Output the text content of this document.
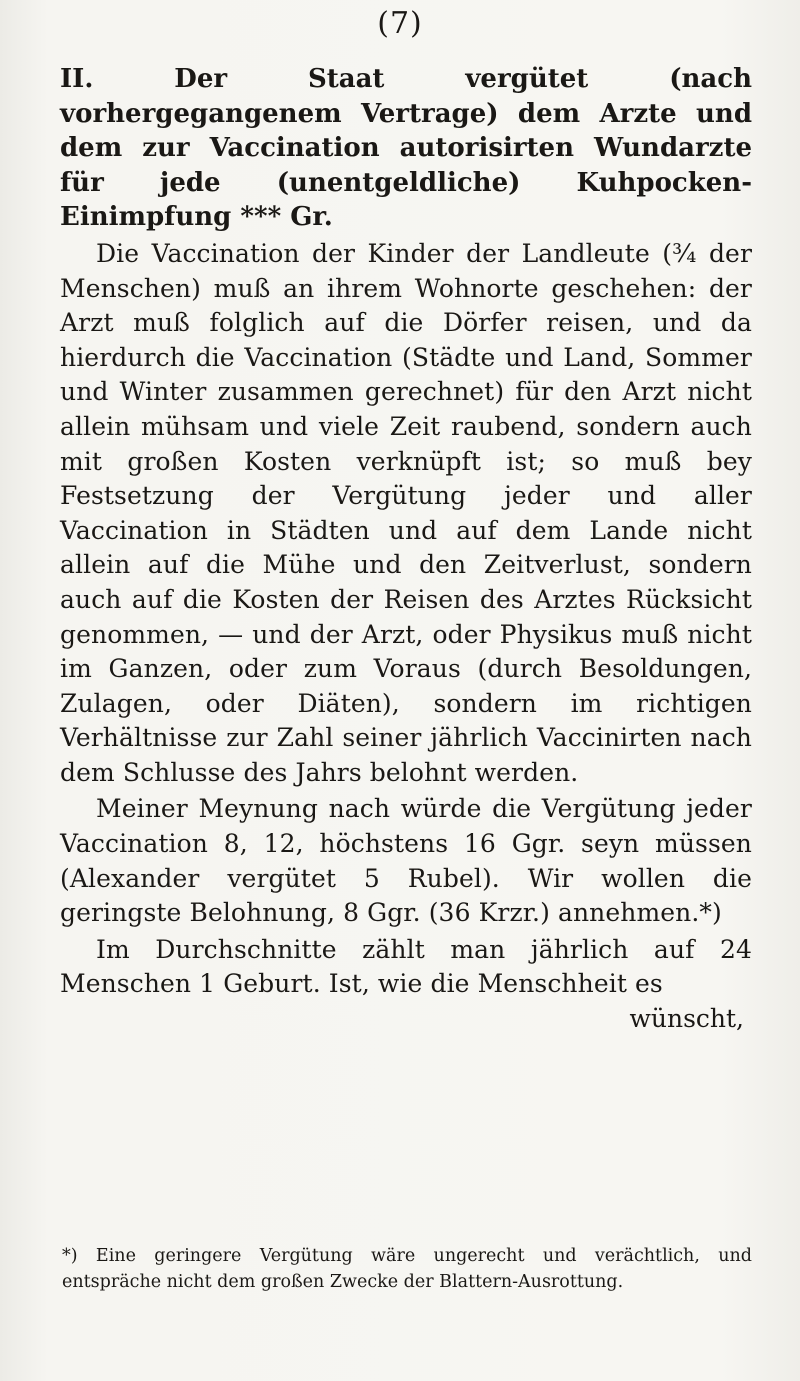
(7)

II. Der Staat vergütet (nach vorhergegangenem Vertrage) dem Arzte und dem zur Vaccination autorisirten Wundarzte für jede (unentgeldliche) Kuhpocken-Einimpfung *** Gr.

Die Vaccination der Kinder der Landleute (¾ der Menschen) muß an ihrem Wohnorte geschehen: der Arzt muß folglich auf die Dörfer reisen, und da hierdurch die Vaccination (Städte und Land, Sommer und Winter zusammen gerechnet) für den Arzt nicht allein mühsam und viele Zeit raubend, sondern auch mit großen Kosten verknüpft ist; so muß bey Festsetzung der Vergütung jeder und aller Vaccination in Städten und auf dem Lande nicht allein auf die Mühe und den Zeitverlust, sondern auch auf die Kosten der Reisen des Arztes Rücksicht genommen, — und der Arzt, oder Physikus muß nicht im Ganzen, oder zum Voraus (durch Besoldungen, Zulagen, oder Diäten), sondern im richtigen Verhältnisse zur Zahl seiner jährlich Vaccinirten nach dem Schlusse des Jahrs belohnt werden.

Meiner Meynung nach würde die Vergütung jeder Vaccination 8, 12, höchstens 16 Ggr. seyn müssen (Alexander vergütet 5 Rubel). Wir wollen die geringste Belohnung, 8 Ggr. (36 Krzr.) annehmen.*)

Im Durchschnitte zählt man jährlich auf 24 Menschen 1 Geburt. Ist, wie die Menschheit es

wünscht,

*) Eine geringere Vergütung wäre ungerecht und verächtlich, und entspräche nicht dem großen Zwecke der Blattern-Ausrottung.
